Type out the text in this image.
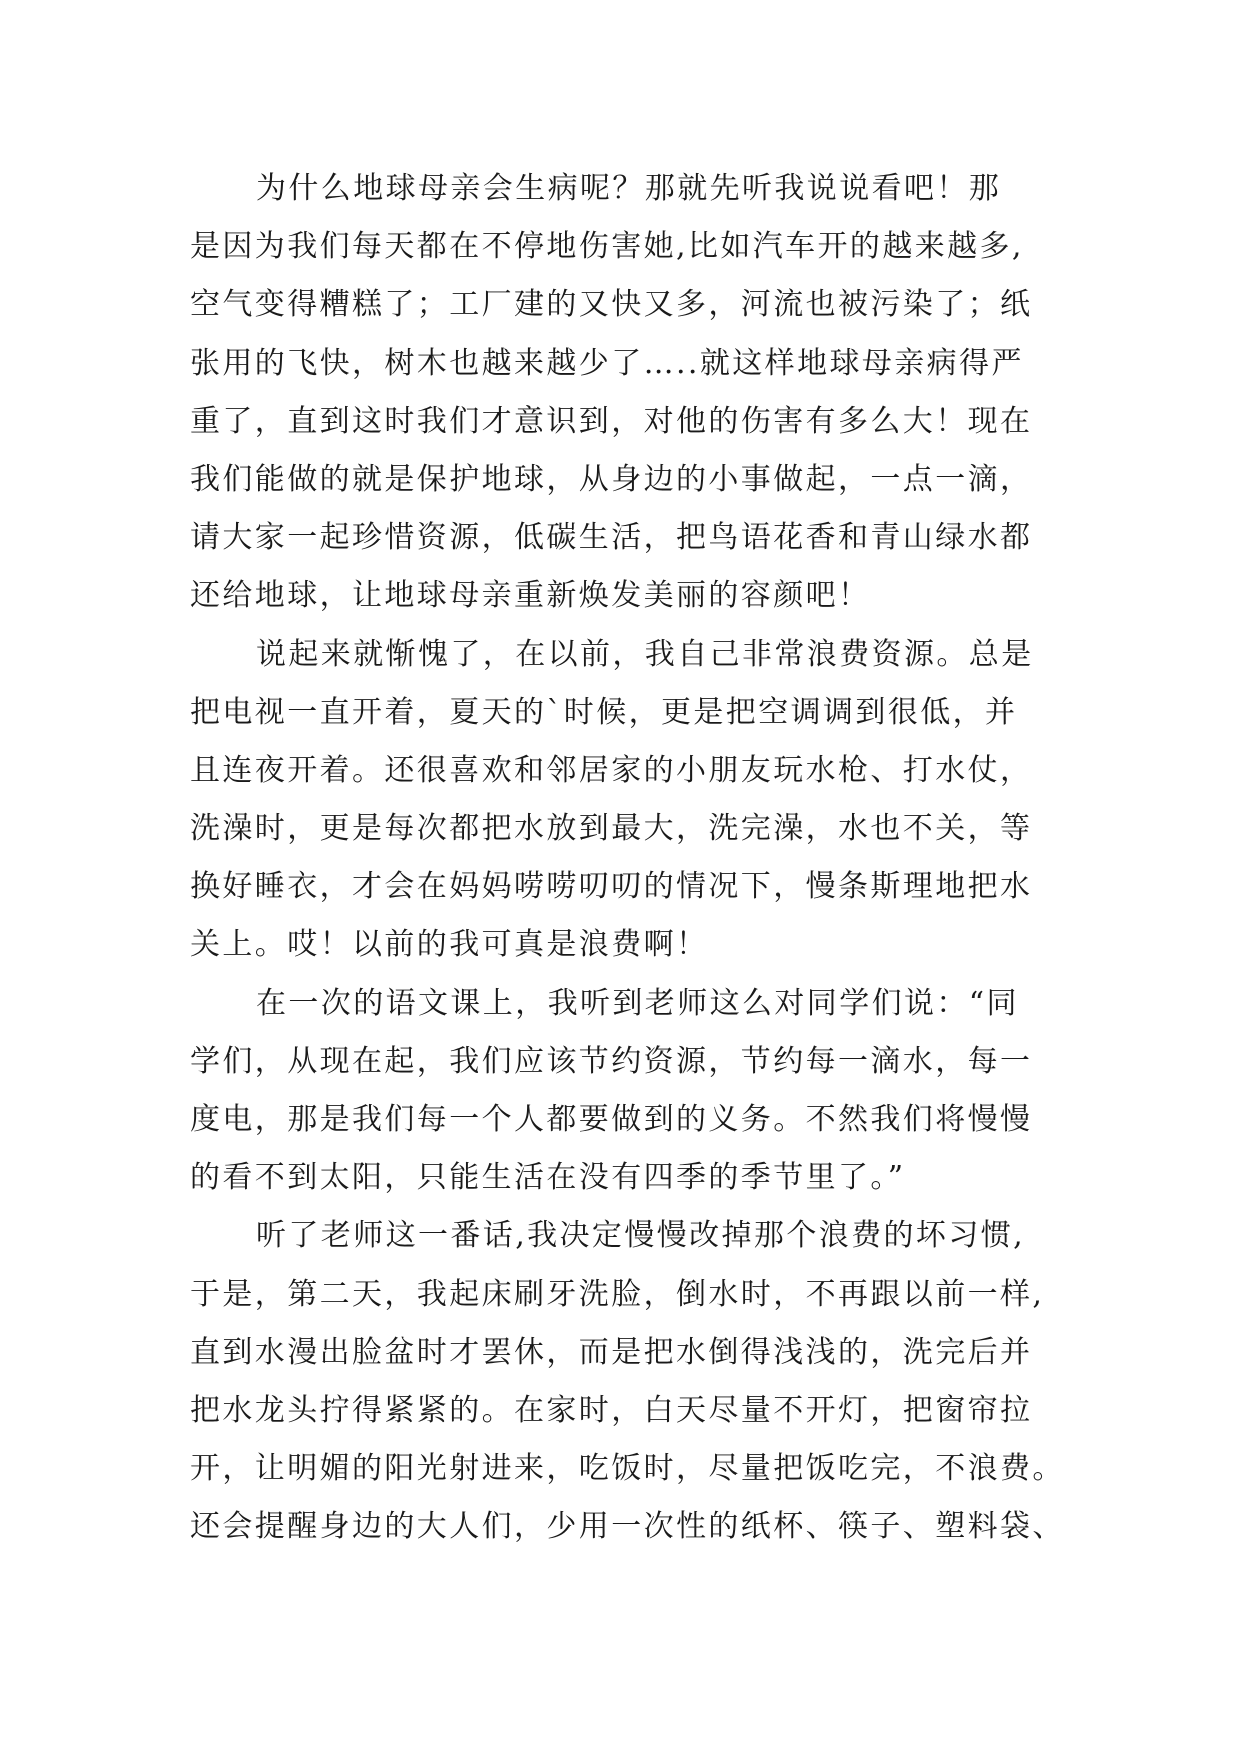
为什么地球母亲会生病呢？那就先听我说说看吧！那
是因为我们每天都在不停地伤害她,比如汽车开的越来越多,
空气变得糟糕了；工厂建的又快又多，河流也被污染了；纸
张用的飞快，树木也越来越少了…..就这样地球母亲病得严
重了，直到这时我们才意识到，对他的伤害有多么大！现在
我们能做的就是保护地球，从身边的小事做起，一点一滴，
请大家一起珍惜资源，低碳生活，把鸟语花香和青山绿水都
还给地球，让地球母亲重新焕发美丽的容颜吧！
说起来就惭愧了，在以前，我自己非常浪费资源。总是
把电视一直开着，夏天的`时候，更是把空调调到很低，并
且连夜开着。还很喜欢和邻居家的小朋友玩水枪、打水仗，
洗澡时，更是每次都把水放到最大，洗完澡，水也不关，等
换好睡衣，才会在妈妈唠唠叨叨的情况下，慢条斯理地把水
关上。哎！以前的我可真是浪费啊！
在一次的语文课上，我听到老师这么对同学们说：“同
学们，从现在起，我们应该节约资源，节约每一滴水，每一
度电，那是我们每一个人都要做到的义务。不然我们将慢慢
的看不到太阳，只能生活在没有四季的季节里了。”
听了老师这一番话,我决定慢慢改掉那个浪费的坏习惯,
于是，第二天，我起床刷牙洗脸，倒水时，不再跟以前一样,
直到水漫出脸盆时才罢休，而是把水倒得浅浅的，洗完后并
把水龙头拧得紧紧的。在家时，白天尽量不开灯，把窗帘拉
开，让明媚的阳光射进来，吃饭时，尽量把饭吃完，不浪费。
还会提醒身边的大人们，少用一次性的纸杯、筷子、塑料袋、
